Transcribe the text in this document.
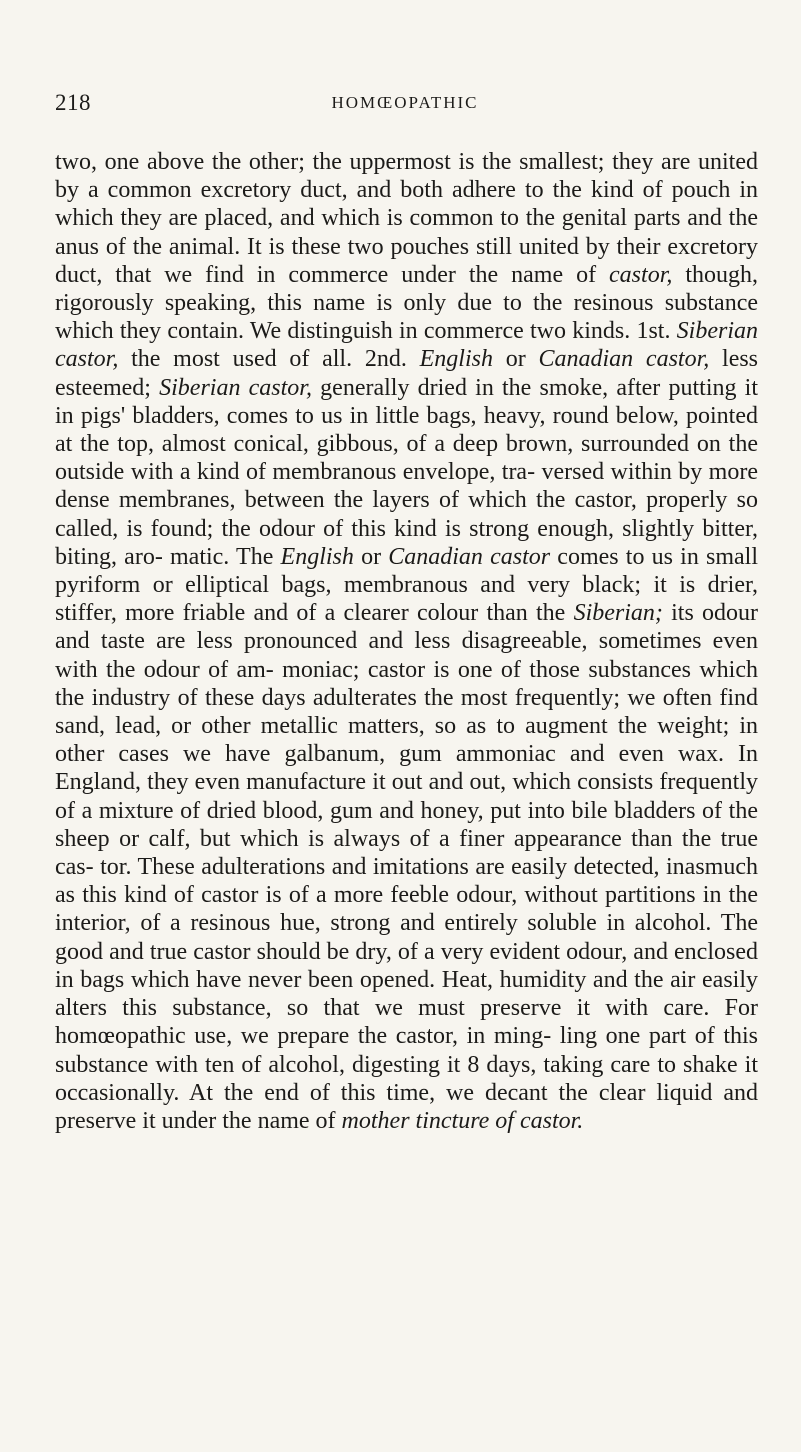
218	HOMŒOPATHIC

two, one above the other; the uppermost is the smallest; they are united by a common excretory duct, and both adhere to the kind of pouch in which they are placed, and which is common to the genital parts and the anus of the animal. It is these two pouches still united by their excretory duct, that we find in commerce under the name of castor, though, rigorously speaking, this name is only due to the resinous substance which they contain. We distinguish in commerce two kinds. 1st. Siberian castor, the most used of all. 2nd. English or Canadian castor, less esteemed; Siberian castor, generally dried in the smoke, after putting it in pigs' bladders, comes to us in little bags, heavy, round below, pointed at the top, almost conical, gibbous, of a deep brown, surrounded on the outside with a kind of membranous envelope, tra- versed within by more dense membranes, between the layers of which the castor, properly so called, is found; the odour of this kind is strong enough, slightly bitter, biting, aro- matic. The English or Canadian castor comes to us in small pyriform or elliptical bags, membranous and very black; it is drier, stiffer, more friable and of a clearer colour than the Siberian; its odour and taste are less pronounced and less disagreeable, sometimes even with the odour of am- moniac; castor is one of those substances which the industry of these days adulterates the most frequently; we often find sand, lead, or other metallic matters, so as to augment the weight; in other cases we have galbanum, gum ammoniac and even wax. In England, they even manufacture it out and out, which consists frequently of a mixture of dried blood, gum and honey, put into bile bladders of the sheep or calf, but which is always of a finer appearance than the true cas- tor. These adulterations and imitations are easily detected, inasmuch as this kind of castor is of a more feeble odour, without partitions in the interior, of a resinous hue, strong and entirely soluble in alcohol. The good and true castor should be dry, of a very evident odour, and enclosed in bags which have never been opened. Heat, humidity and the air easily alters this substance, so that we must preserve it with care. For homœopathic use, we prepare the castor, in ming- ling one part of this substance with ten of alcohol, digesting it 8 days, taking care to shake it occasionally. At the end of this time, we decant the clear liquid and preserve it under the name of mother tincture of castor.
